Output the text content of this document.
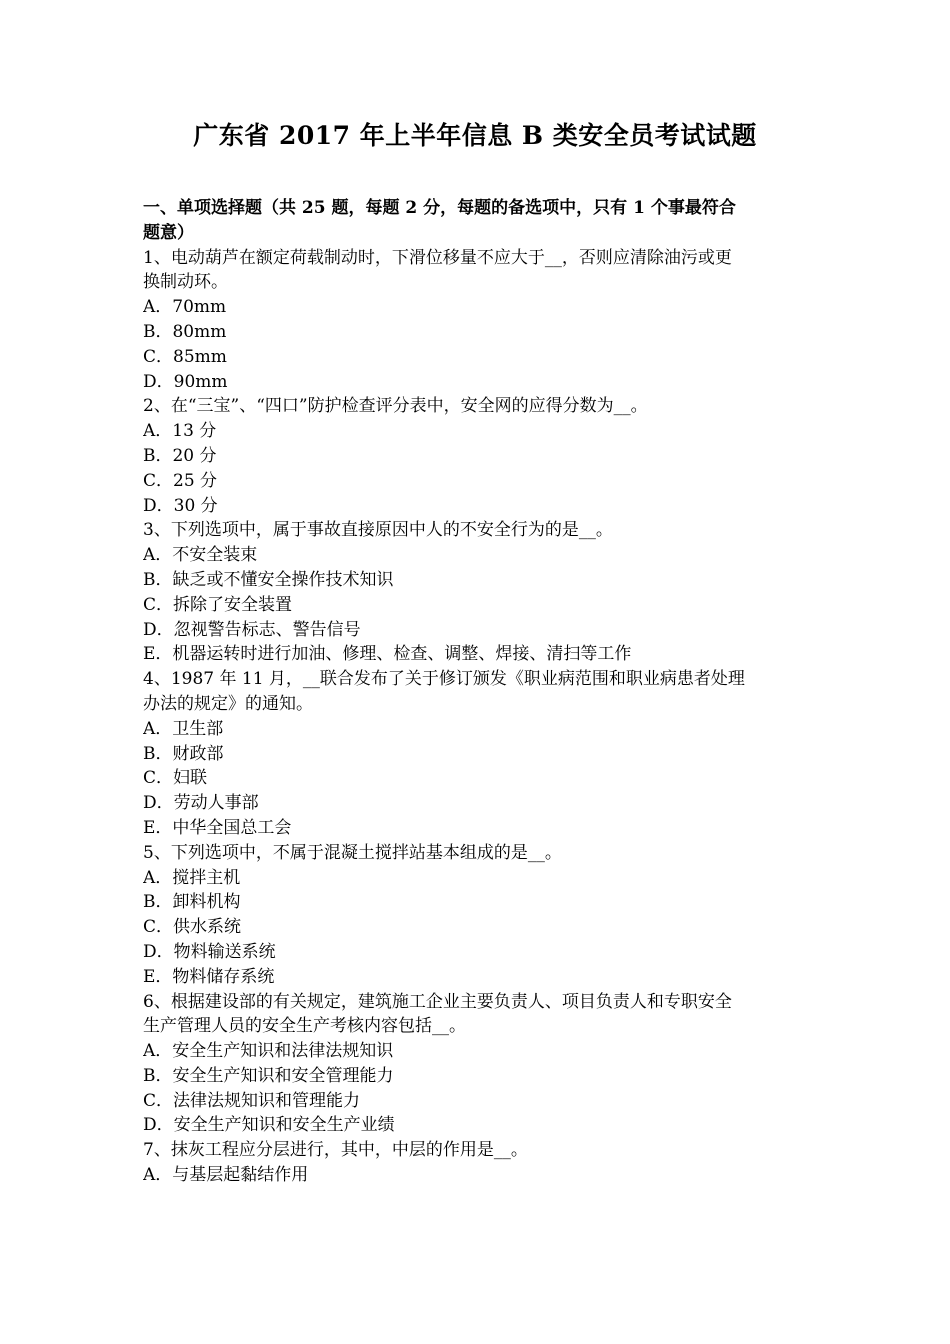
广东省 2017 年上半年信息 B 类安全员考试试题
一、单项选择题（共 25 题，每题 2 分，每题的备选项中，只有 1 个事最符合
题意）
1、电动葫芦在额定荷载制动时，下滑位移量不应大于__，否则应清除油污或更
换制动环。
A．70mm
B．80mm
C．85mm
D．90mm
2、在“三宝”、“四口”防护检查评分表中，安全网的应得分数为__。
A．13 分
B．20 分
C．25 分
D．30 分
3、下列选项中，属于事故直接原因中人的不安全行为的是__。
A．不安全装束
B．缺乏或不懂安全操作技术知识
C．拆除了安全装置
D．忽视警告标志、警告信号
E．机器运转时进行加油、修理、检查、调整、焊接、清扫等工作
4、1987 年 11 月，__联合发布了关于修订颁发《职业病范围和职业病患者处理
办法的规定》的通知。
A．卫生部
B．财政部
C．妇联
D．劳动人事部
E．中华全国总工会
5、下列选项中，不属于混凝土搅拌站基本组成的是__。
A．搅拌主机
B．卸料机构
C．供水系统
D．物料输送系统
E．物料储存系统
6、根据建设部的有关规定，建筑施工企业主要负责人、项目负责人和专职安全
生产管理人员的安全生产考核内容包括__。
A．安全生产知识和法律法规知识
B．安全生产知识和安全管理能力
C．法律法规知识和管理能力
D．安全生产知识和安全生产业绩
7、抹灰工程应分层进行，其中，中层的作用是__。
A．与基层起黏结作用
